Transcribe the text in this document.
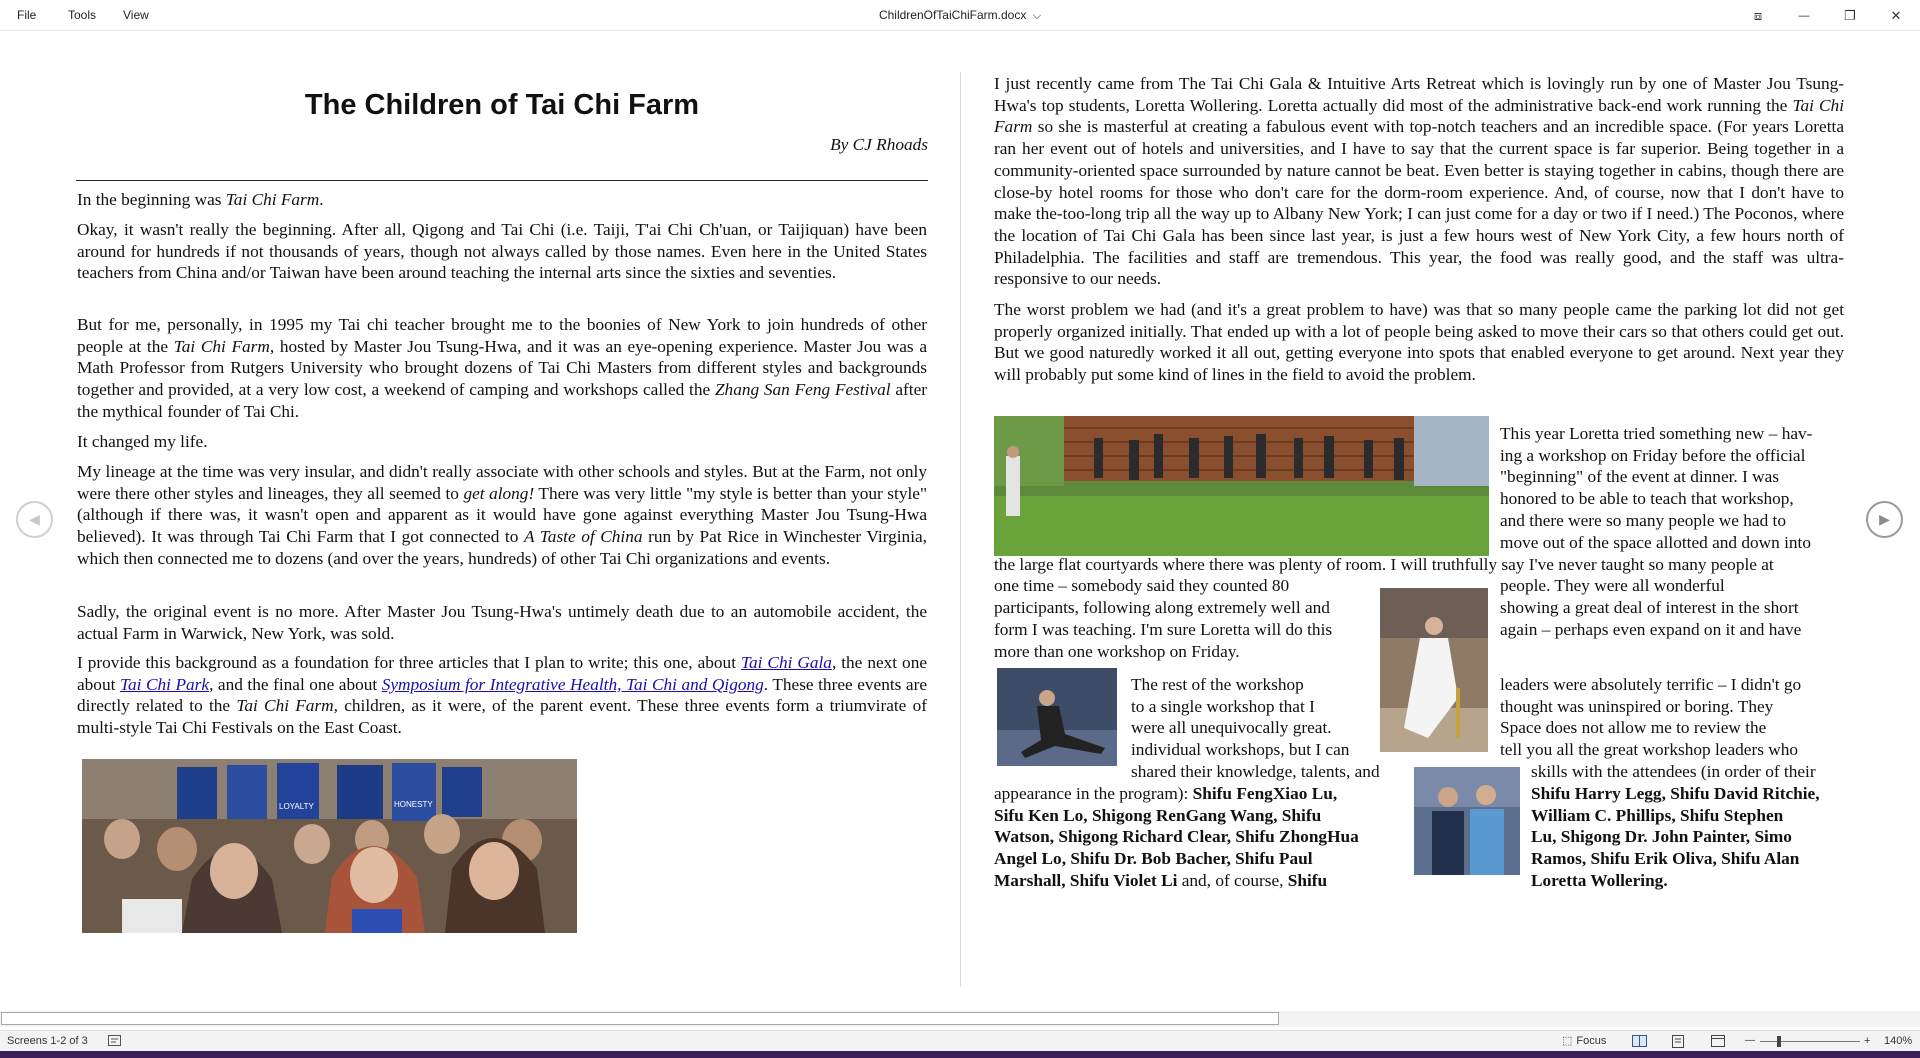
File	Tools View	ChildrenOfTaiChiFarm.docx ⌵	⧈	—	❐	✕
The Children of Tai Chi Farm
By CJ Rhoads
In the beginning was Tai Chi Farm.
Okay, it wasn't really the beginning. After all, Qigong and Tai Chi (i.e. Taiji, T'ai Chi Ch'uan, or Taijiquan) have been around for hundreds if not thousands of years, though not always called by those names. Even here in the United States teachers from China and/or Taiwan have been around teaching the internal arts since the sixties and seventies.
But for me, personally, in 1995 my Tai chi teacher brought me to the boonies of New York to join hundreds of other people at the Tai Chi Farm, hosted by Master Jou Tsung-Hwa, and it was an eye-opening experience. Master Jou was a Math Professor from Rutgers University who brought dozens of Tai Chi Masters from different styles and backgrounds together and provided, at a very low cost, a weekend of camping and workshops called the Zhang San Feng Festival after the mythical founder of Tai Chi.
It changed my life.
My lineage at the time was very insular, and didn't really associate with other schools and styles. But at the Farm, not only were there other styles and lineages, they all seemed to get along! There was very little "my style is better than your style" (although if there was, it wasn't open and apparent as it would have gone against everything Master Jou Tsung-Hwa believed). It was through Tai Chi Farm that I got connected to A Taste of China run by Pat Rice in Winchester Virginia, which then connected me to dozens (and over the years, hundreds) of other Tai Chi organizations and events.
Sadly, the original event is no more. After Master Jou Tsung-Hwa's untimely death due to an automobile accident, the actual Farm in Warwick, New York, was sold.
I provide this background as a foundation for three articles that I plan to write; this one, about Tai Chi Gala, the next one about Tai Chi Park, and the final one about Symposium for Integrative Health, Tai Chi and Qigong. These three events are directly related to the Tai Chi Farm, children, as it were, of the parent event. These three events form a triumvirate of multi-style Tai Chi Festivals on the East Coast.
LOYALTY	HONESTY
I just recently came from The Tai Chi Gala & Intuitive Arts Retreat which is lovingly run by one of Master Jou Tsung-Hwa's top students, Loretta Wollering. Loretta actually did most of the administrative back-end work running the Tai Chi Farm so she is masterful at creating a fabulous event with top-notch teachers and an incredible space. (For years Loretta ran her event out of hotels and universities, and I have to say that the current space is far superior. Being together in a community-oriented space surrounded by nature cannot be beat. Even better is staying together in cabins, though there are close-by hotel rooms for those who don't care for the dorm-room experience. And, of course, now that I don't have to make the-too-long trip all the way up to Albany New York; I can just come for a day or two if I need.) The Poconos, where the location of Tai Chi Gala has been since last year, is just a few hours west of New York City, a few hours north of Philadelphia. The facilities and staff are tremendous. This year, the food was really good, and the staff was ultra-responsive to our needs.
The worst problem we had (and it's a great problem to have) was that so many people came the parking lot did not get properly organized initially. That ended up with a lot of people being asked to move their cars so that others could get out. But we good naturedly worked it all out, getting everyone into spots that enabled everyone to get around. Next year they will probably put some kind of lines in the field to avoid the problem.
This year Loretta tried something new – hav-
ing a workshop on Friday before the official
"beginning" of the event at dinner. I was
honored to be able to teach that workshop,
and there were so many people we had to
move out of the space allotted and down into
the large flat courtyards where there was plenty of room. I will truthfully say I've never taught so many people at
one time – somebody said they counted 80
participants, following along extremely well and
form I was teaching. I'm sure Loretta will do this
more than one workshop on Friday.
people. They were all wonderful
showing a great deal of interest in the short
again – perhaps even expand on it and have
The rest of the workshop
to a single workshop that I
were all unequivocally great.
individual workshops, but I can
shared their knowledge, talents, and
leaders were absolutely terrific – I didn't go
thought was uninspired or boring. They
Space does not allow me to review the
tell you all the great workshop leaders who
skills with the attendees (in order of their
appearance in the program): Shifu FengXiao Lu,
Sifu Ken Lo, Shigong RenGang Wang, Shifu
Watson, Shigong Richard Clear, Shifu ZhongHua
Angel Lo, Shifu Dr. Bob Bacher, Shifu Paul
Marshall, Shifu Violet Li and, of course, Shifu
Shifu Harry Legg, Shifu David Ritchie,
William C. Phillips, Shifu Stephen
Lu, Shigong Dr. John Painter, Simo
Ramos, Shifu Erik Oliva, Shifu Alan
Loretta Wollering.
◀	▶
Screens 1-2 of 3	⬚ Focus	—	+ 140%
